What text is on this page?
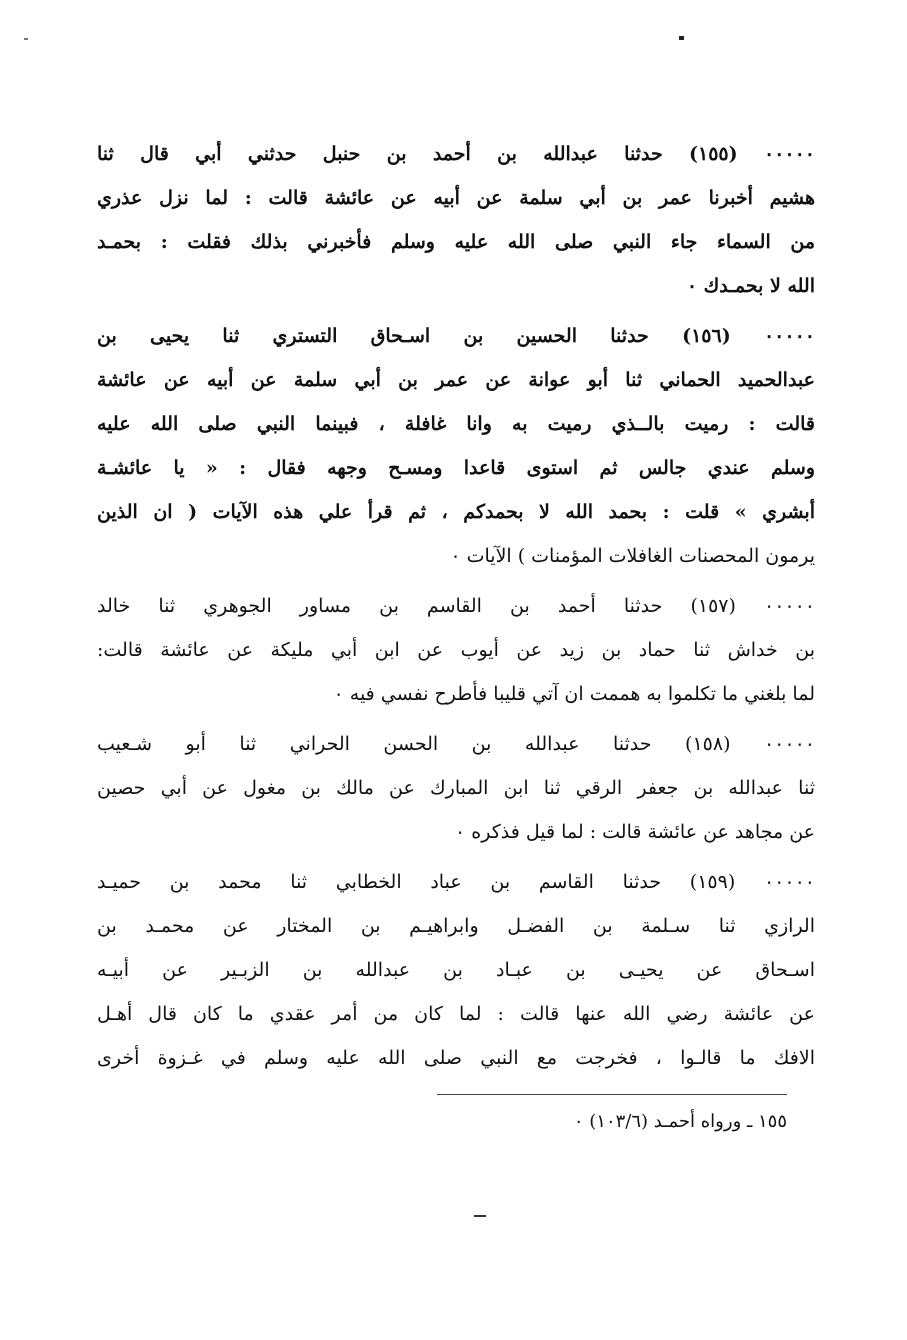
٠٠٠٠٠ (١٥٥) حدثنا عبدالله بن أحمد بن حنبل حدثني أبي قال ثنا
هشيم أخبرنا عمر بن أبي سلمة عن أبيه عن عائشة قالت : لما نزل عذري
من السماء جاء النبي صلى الله عليه وسلم فأخبرني بذلك فقلت : بحمـد
الله لا بحمـدك ٠
٠٠٠٠٠ (١٥٦) حدثنا الحسين بن اسـحاق التستري ثنا يحيى بن
عبدالحميد الحماني ثنا أبو عوانة عن عمر بن أبي سلمة عن أبيه عن عائشة
قالت : رميت بالــذي رميت به وانا غافلة ، فبينما النبي صلى الله عليه
وسلم عندي جالس ثم استوى قاعدا ومسـح وجهه فقال : « يا عائشـة
أبشري » قلت : بحمد الله لا بحمدكم ، ثم قرأ علي هذه الآيات ( ان الذين
يرمون المحصنات الغافلات المؤمنات ) الآيات ٠
٠٠٠٠٠ (١٥٧) حدثنا أحمد بن القاسم بن مساور الجوهري ثنا خالد
بن خداش ثنا حماد بن زيد عن أيوب عن ابن أبي مليكة عن عائشة قالت:
لما بلغني ما تكلموا به هممت ان آتي قليبا فأطرح نفسي فيه ٠
٠٠٠٠٠ (١٥٨) حدثنا عبدالله بن الحسن الحراني ثنا أبو شـعيب
ثنا عبدالله بن جعفر الرقي ثنا ابن المبارك عن مالك بن مغول عن أبي حصين
عن مجاهد عن عائشة قالت : لما قيل فذكره ٠
٠٠٠٠٠ (١٥٩) حدثنا القاسم بن عباد الخطابي ثنا محمد بن حميـد
الرازي ثنا سـلمة بن الفضـل وابراهيـم بن المختار عن محمـد بن
اسـحاق عن يحيـى بن عبـاد بن عبدالله بن الزبـير عن أبيـه
عن عائشة رضي الله عنها قالت : لما كان من أمر عقدي ما كان قال أهـل
الافك ما قالـوا ، فخرجت مع النبي صلى الله عليه وسلم في غـزوة أخرى
١٥٥ ـ ورواه أحمـد (١٠٣/٦) ٠
